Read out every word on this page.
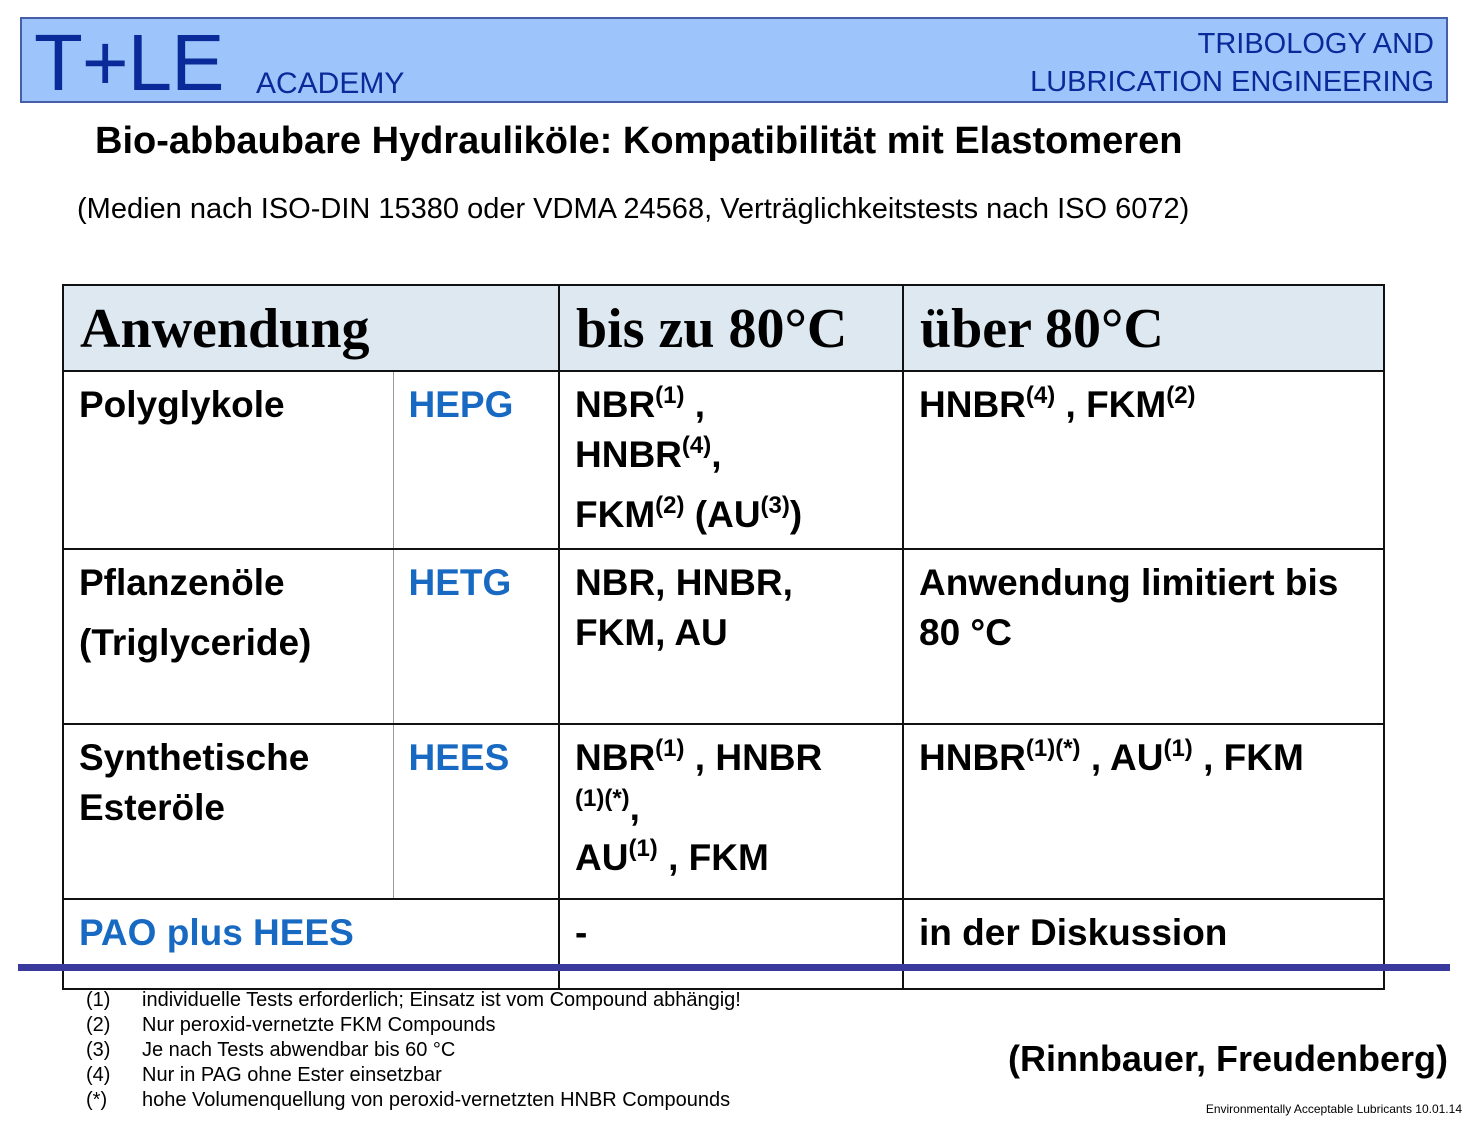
T+LE ACADEMY
TRIBOLOGY AND
LUBRICATION ENGINEERING
Bio-abbaubare Hydrauliköle: Kompatibilität mit Elastomeren
(Medien nach ISO-DIN 15380 oder VDMA 24568, Verträglichkeitstests nach ISO 6072)
Anwendung		bis zu 80°C	über 80°C
Polyglykole	HEPG	NBR$^{(1)}$ ,
HNBR$^{(4)}$,
FKM$^{(2)}$ (AU$^{(3)}$)	HNBR$^{(4)}$ , FKM$^{(2)}$
Pflanzenöle
(Triglyceride)	HETG	NBR, HNBR, FKM, AU	Anwendung limitiert bis 80 °C
Synthetische Esteröle	HEES	NBR$^{(1)}$ , HNBR
$^{(1)(*)}$,
AU$^{(1)}$ , FKM	$HNBR^{(1)(*)}$ , AU$^{(1)}$ , FKM
PAO plus HEES		-	in der Diskussion
(1)	individuelle Tests erforderlich; Einsatz ist vom Compound abhängig!
(2)	Nur peroxid-vernetzte FKM Compounds
(3)	Je nach Tests abwendbar bis 60 °C
(4)	Nur in PAG ohne Ester einsetzbar
(*)	hohe Volumenquellung von peroxid-vernetzten HNBR Compounds
(Rinnbauer, Freudenberg)
Environmentally Acceptable Lubricants 10.01.14
